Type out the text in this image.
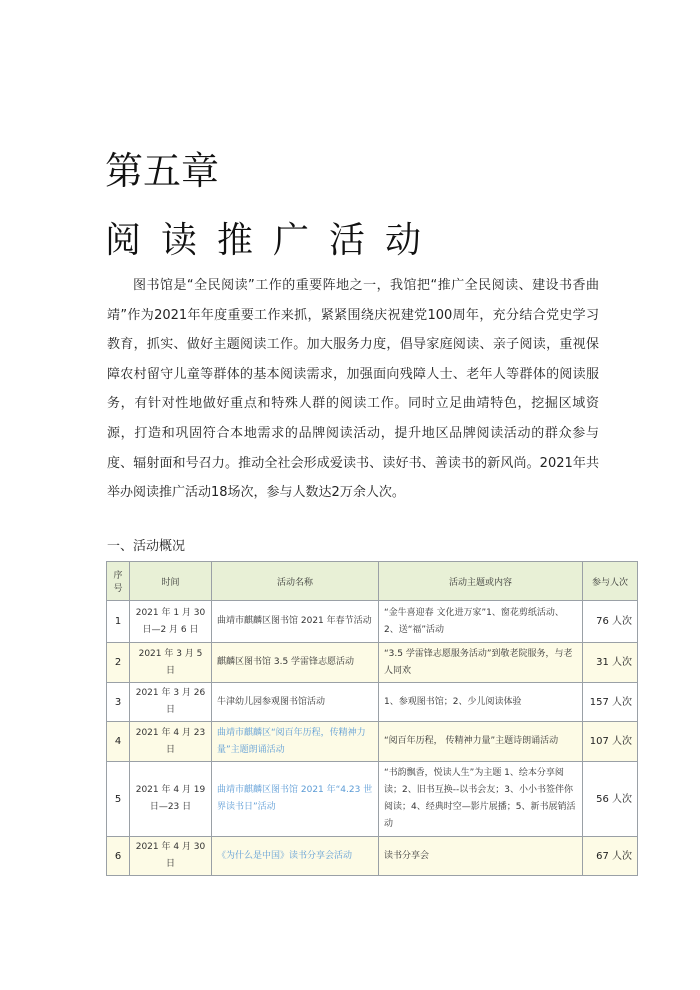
第五章
阅读推广活动

图书馆是“全民阅读”工作的重要阵地之一，我馆把“推广全民阅读、建设书香曲靖”作为2021年年度重要工作来抓，紧紧围绕庆祝建党100周年，充分结合党史学习教育，抓实、做好主题阅读工作。加大服务力度，倡导家庭阅读、亲子阅读，重视保障农村留守儿童等群体的基本阅读需求，加强面向残障人士、老年人等群体的阅读服务，有针对性地做好重点和特殊人群的阅读工作。同时立足曲靖特色，挖掘区域资源，打造和巩固符合本地需求的品牌阅读活动，提升地区品牌阅读活动的群众参与度、辐射面和号召力。推动全社会形成爱读书、读好书、善读书的新风尚。2021年共举办阅读推广活动18场次，参与人数达2万余人次。

一、活动概况
序号	时间	活动名称	活动主题或内容	参与人次
1	2021 年 1 月 30 日—2 月 6 日	曲靖市麒麟区图书馆 2021 年春节活动	“金牛喜迎春 文化进万家”1、窗花剪纸活动、2、送“福”活动	76 人次
2	2021 年 3 月 5 日	麒麟区图书馆 3.5 学雷锋志愿活动	“3.5 学雷锋志愿服务活动”到敬老院服务，与老人同欢	31 人次
3	2021 年 3 月 26 日	牛津幼儿园参观图书馆活动	1、参观图书馆；2、少儿阅读体验	157 人次
4	2021 年 4 月 23 日	曲靖市麒麟区“阅百年历程，传精神力量”主题朗诵活动	“阅百年历程， 传精神力量”主题诗朗诵活动	107 人次
5	2021 年 4 月 19 日—23 日	曲靖市麒麟区图书馆 2021 年“4.23 世界读书日”活动	“书韵飘香，悦读人生”为主题 1、绘本分享阅读；2、旧书互换--以书会友；3、小小书签伴你阅读；4、经典时空—影片展播；5、新书展销活动	56 人次
6	2021 年 4 月 30 日	《为什么是中国》读书分享会活动	读书分享会	67 人次
